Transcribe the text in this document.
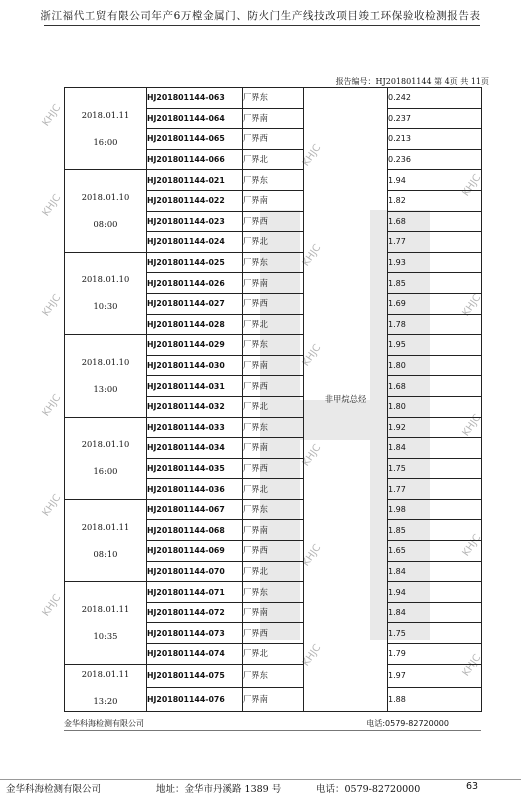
浙江福代工贸有限公司年产6万樘金属门、防火门生产线技改项目竣工环保验收检测报告表
报告编号：HJ201801144 第 4页 共 11页
KHJC
KHJC
KHJC
KHJC
KHJC
KHJC
KHJC
KHJC
KHJC
KHJC
KHJC
KHJC
KHJC
KHJC
KHJC
KHJC
KHJC
2018.01.11
16:00	HJ201801144-063	厂界东	非甲烷总烃	0.242
	HJ201801144-064	厂界南		0.237
	HJ201801144-065	厂界西		0.213
	HJ201801144-066	厂界北		0.236

2018.01.10
08:00	HJ201801144-021	厂界东		1.94
	HJ201801144-022	厂界南		1.82
	HJ201801144-023	厂界西		1.68
	HJ201801144-024	厂界北		1.77

2018.01.10
10:30	HJ201801144-025	厂界东		1.93
	HJ201801144-026	厂界南		1.85
	HJ201801144-027	厂界西		1.69
	HJ201801144-028	厂界北		1.78

2018.01.10
13:00	HJ201801144-029	厂界东		1.95
	HJ201801144-030	厂界南		1.80
	HJ201801144-031	厂界西		1.68
	HJ201801144-032	厂界北		1.80

2018.01.10
16:00	HJ201801144-033	厂界东		1.92
	HJ201801144-034	厂界南		1.84
	HJ201801144-035	厂界西		1.75
	HJ201801144-036	厂界北		1.77

2018.01.11
08:10	HJ201801144-067	厂界东		1.98
	HJ201801144-068	厂界南		1.85
	HJ201801144-069	厂界西		1.65
	HJ201801144-070	厂界北		1.84

2018.01.11
10:35	HJ201801144-071	厂界东		1.94
	HJ201801144-072	厂界南		1.84
	HJ201801144-073	厂界西		1.75
	HJ201801144-074	厂界北		1.79

2018.01.11
13:20	HJ201801144-075	厂界东		1.97
	HJ201801144-076	厂界南		1.88
金华科海检测有限公司	电话:0579-82720000
金华科海检测有限公司	地址：金华市丹溪路 1389 号	电话：0579-82720000	63
